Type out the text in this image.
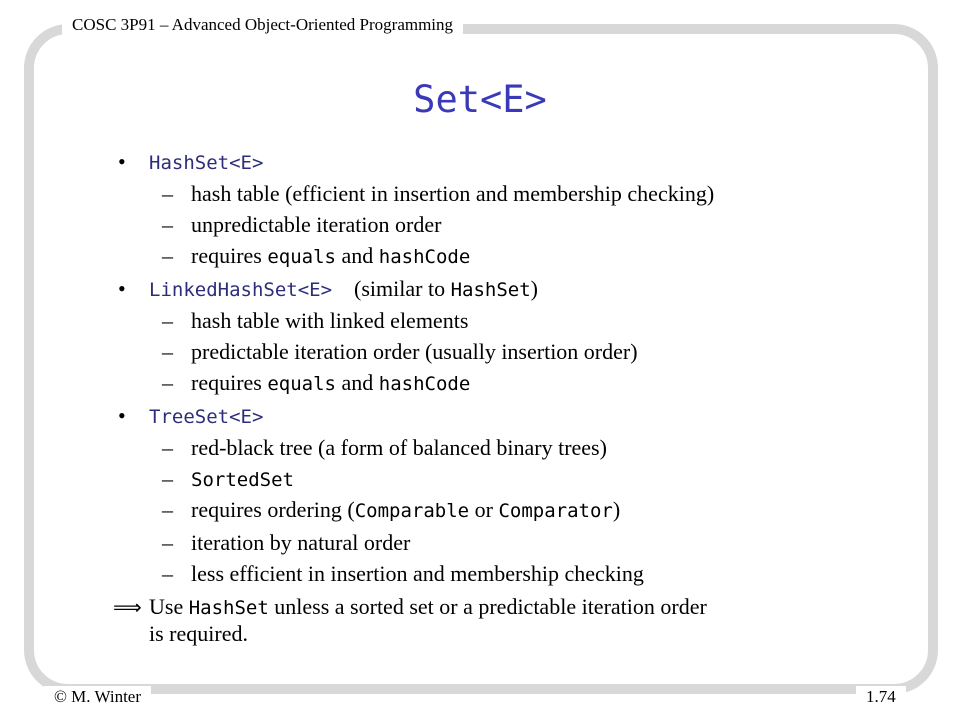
COSC 3P91 – Advanced Object-Oriented Programming
© M. Winter	1.74
Set<E>
• HashSet<E>
– hash table (efficient in insertion and membership checking)
– unpredictable iteration order
– requires equals and hashCode
• LinkedHashSet<E> (similar to HashSet)
– hash table with linked elements
– predictable iteration order (usually insertion order)
– requires equals and hashCode
• TreeSet<E>
– red-black tree (a form of balanced binary trees)
– SortedSet
– requires ordering (Comparable or Comparator)
– iteration by natural order
– less efficient in insertion and membership checking
⟹ Use HashSet unless a sorted set or a predictable iteration order
is required.
